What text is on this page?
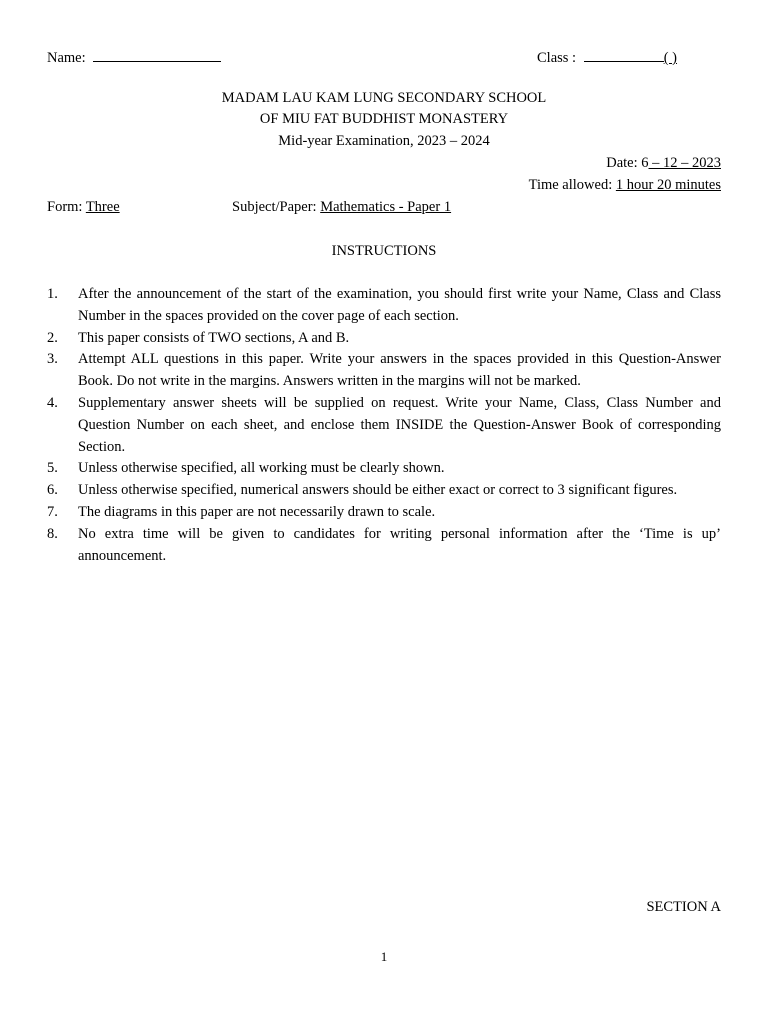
Name:	Class :	( )
MADAM LAU KAM LUNG SECONDARY SCHOOL
OF MIU FAT BUDDHIST MONASTERY
Mid-year Examination, 2023 – 2024
Date: 6 – 12 – 2023
Time allowed: 1 hour 20 minutes
Form: Three	Subject/Paper: Mathematics - Paper 1
INSTRUCTIONS
1. After the announcement of the start of the examination, you should first write your Name, Class and Class Number in the spaces provided on the cover page of each section.
2. This paper consists of TWO sections, A and B.
3. Attempt ALL questions in this paper. Write your answers in the spaces provided in this Question-Answer Book. Do not write in the margins. Answers written in the margins will not be marked.
4. Supplementary answer sheets will be supplied on request. Write your Name, Class, Class Number and Question Number on each sheet, and enclose them INSIDE the Question-Answer Book of corresponding Section.
5. Unless otherwise specified, all working must be clearly shown.
6. Unless otherwise specified, numerical answers should be either exact or correct to 3 significant figures.
7. The diagrams in this paper are not necessarily drawn to scale.
8. No extra time will be given to candidates for writing personal information after the ‘Time is up’ announcement.
SECTION A
1
